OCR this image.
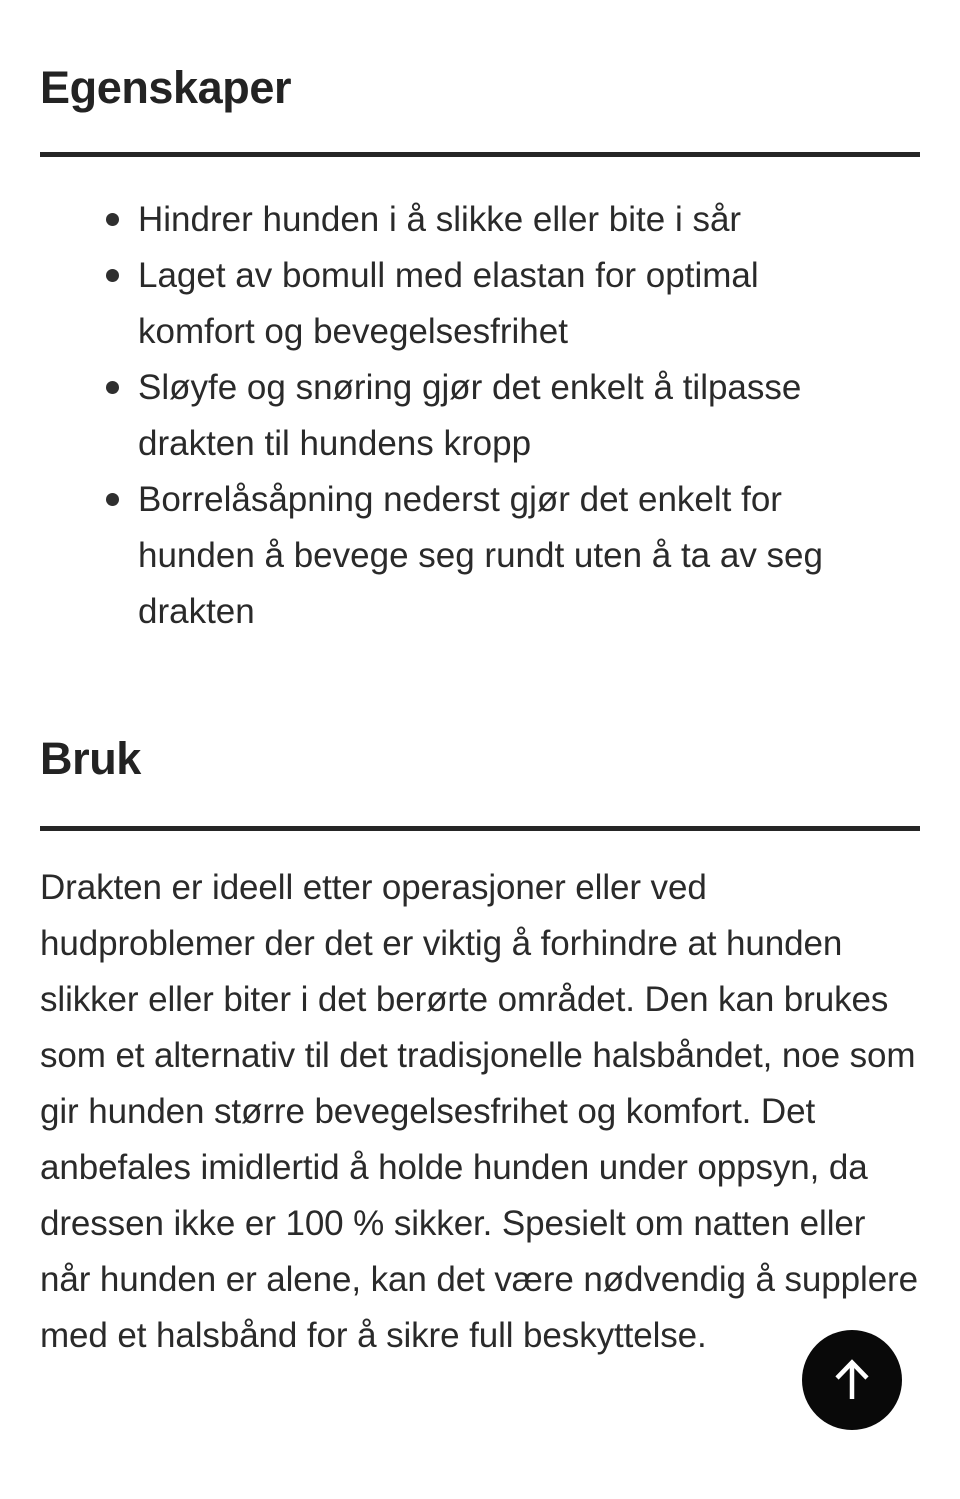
Egenskaper
Hindrer hunden i å slikke eller bite i sår
Laget av bomull med elastan for optimal komfort og bevegelsesfrihet
Sløyfe og snøring gjør det enkelt å tilpasse drakten til hundens kropp
Borrelåsåpning nederst gjør det enkelt for hunden å bevege seg rundt uten å ta av seg drakten
Bruk

Drakten er ideell etter operasjoner eller ved hudproblemer der det er viktig å forhindre at hunden slikker eller biter i det berørte området. Den kan brukes som et alternativ til det tradisjonelle halsbåndet, noe som gir hunden større bevegelsesfrihet og komfort. Det anbefales imidlertid å holde hunden under oppsyn, da dressen ikke er 100 % sikker. Spesielt om natten eller når hunden er alene, kan det være nødvendig å supplere med et halsbånd for å sikre full beskyttelse.
